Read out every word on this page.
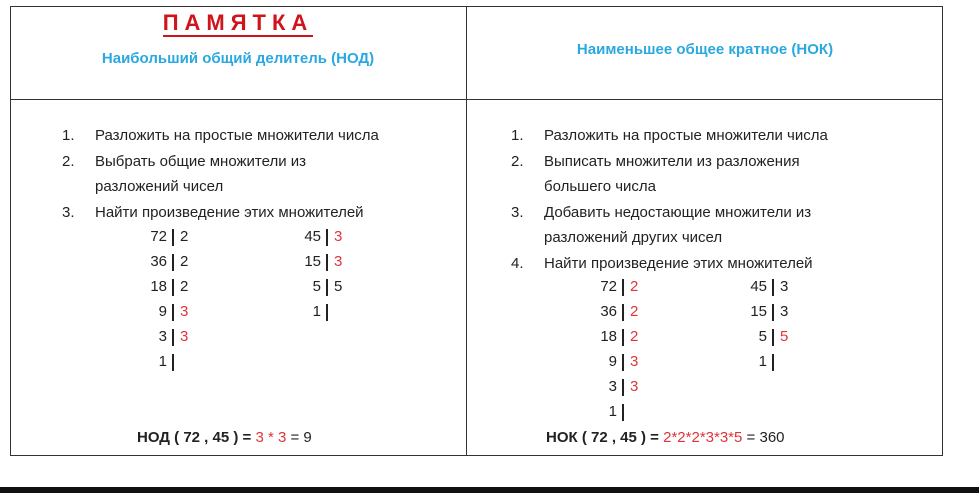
ПАМЯТКА
Наибольший общий делитель (НОД)
Наименьшее общее кратное (НОК)
1. Разложить на простые множители числа
2. Выбрать общие множители из
разложений чисел
3. Найти произведение этих множителей
1. Разложить на простые множители числа
2. Выписать множители из разложения
большего числа
3. Добавить недостающие множители из
разложений других чисел
4. Найти произведение этих множителей
72 2
36 2
18 2
9 3
3 3
1
45 3
15 3
5 5
1
72 2
36 2
18 2
9 3
3 3
1
45 3
15 3
5 5
1
НОД ( 72 , 45 ) = 3 * 3 = 9	НОК ( 72 , 45 ) = 2*2*2*3*3*5 = 360
